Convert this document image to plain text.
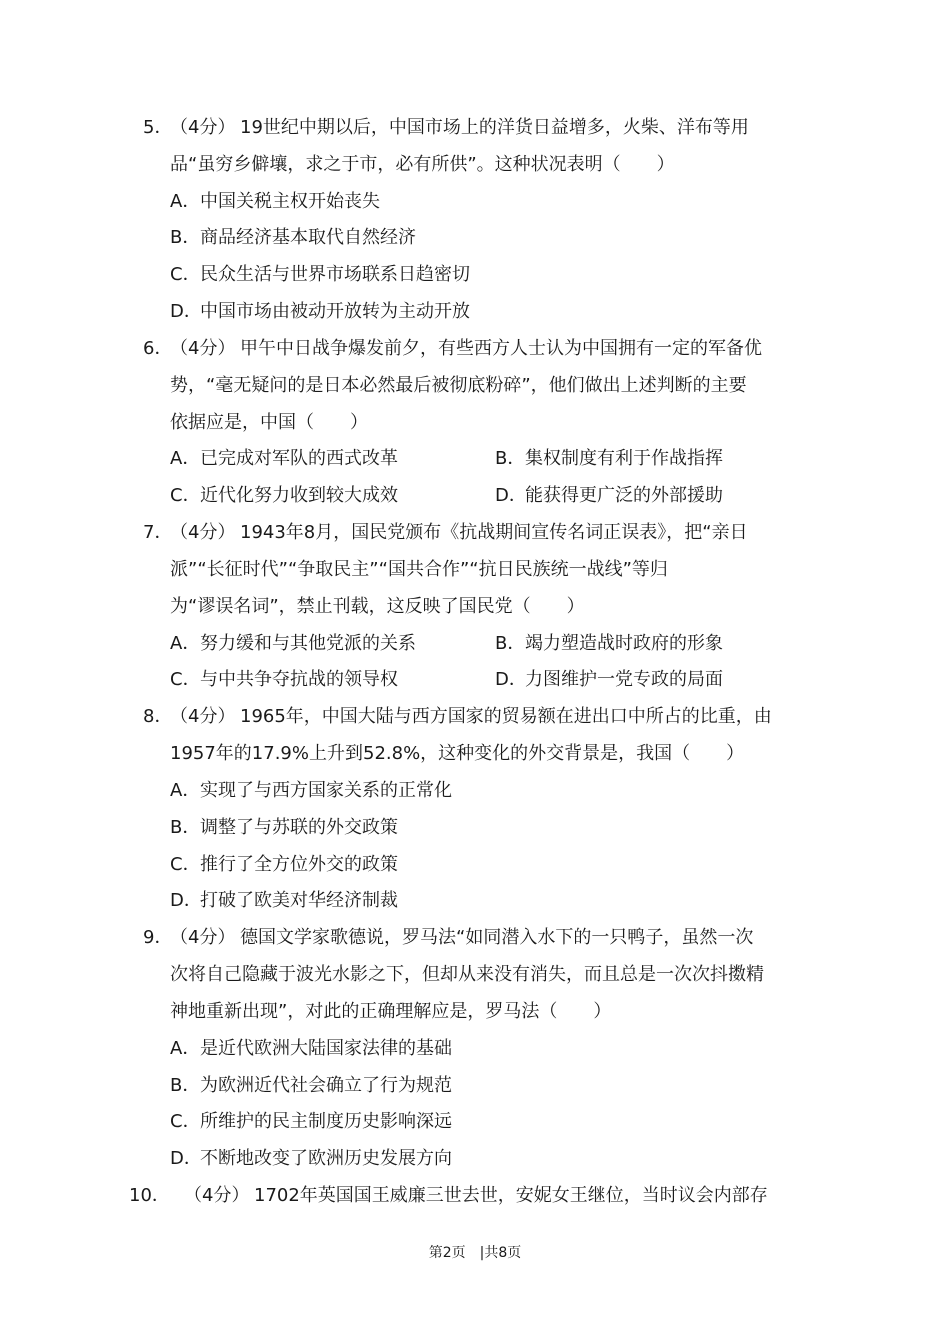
5．
（4分） 19世纪中期以后，中国市场上的洋货日益增多，火柴、洋布等用
品“虽穷乡僻壤，求之于市，必有所供”。这种状况表明（　　）
A．中国关税主权开始丧失
B．商品经济基本取代自然经济
C．民众生活与世界市场联系日趋密切
D．中国市场由被动开放转为主动开放
6．
（4分） 甲午中日战争爆发前夕，有些西方人士认为中国拥有一定的军备优
势，“毫无疑问的是日本必然最后被彻底粉碎”，他们做出上述判断的主要
依据应是，中国（　　）
A．已完成对军队的西式改革	B．集权制度有利于作战指挥
C．近代化努力收到较大成效	D．能获得更广泛的外部援助
7．
（4分） 1943年8月，国民党颁布《抗战期间宣传名词正误表》，把“亲日
派”“长征时代”“争取民主”“国共合作”“抗日民族统一战线”等归
为“谬误名词”，禁止刊载，这反映了国民党（　　）
A．努力缓和与其他党派的关系	B．竭力塑造战时政府的形象
C．与中共争夺抗战的领导权	D．力图维护一党专政的局面
8．
（4分） 1965年，中国大陆与西方国家的贸易额在进出口中所占的比重，由
1957年的17.9%上升到52.8%，这种变化的外交背景是，我国（　　）
A．实现了与西方国家关系的正常化
B．调整了与苏联的外交政策
C．推行了全方位外交的政策
D．打破了欧美对华经济制裁
9．
（4分） 德国文学家歌德说，罗马法“如同潜入水下的一只鸭子，虽然一次
次将自己隐藏于波光水影之下，但却从来没有消失，而且总是一次次抖擞精
神地重新出现”，对此的正确理解应是，罗马法（　　）
A．是近代欧洲大陆国家法律的基础
B．为欧洲近代社会确立了行为规范
C．所维护的民主制度历史影响深远
D．不断地改变了欧洲历史发展方向
10． （4分） 1702年英国国王威廉三世去世，安妮女王继位，当时议会内部存
第2页　|共8页
